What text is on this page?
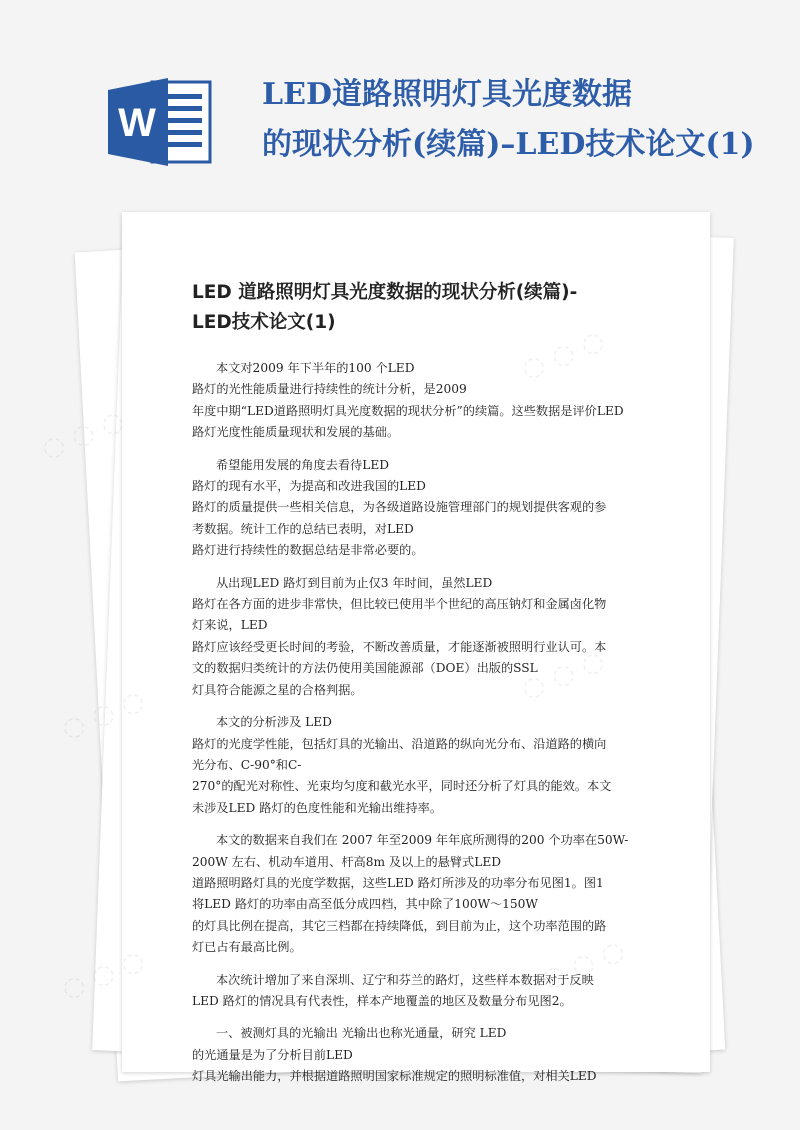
W
LED道路照明灯具光度数据
的现状分析(续篇)–LED技术论文(1)
LED 道路照明灯具光度数据的现状分析(续篇)-
LED技术论文(1)
本文对2009 年下半年的100 个LED
路灯的光性能质量进行持续性的统计分析，是2009
年度中期“LED道路照明灯具光度数据的现状分析”的续篇。这些数据是评价LED
路灯光度性能质量现状和发展的基础。
希望能用发展的角度去看待LED
路灯的现有水平，为提高和改进我国的LED
路灯的质量提供一些相关信息，为各级道路设施管理部门的规划提供客观的参
考数据。统计工作的总结已表明，对LED
路灯进行持续性的数据总结是非常必要的。
从出现LED 路灯到目前为止仅3 年时间，虽然LED
路灯在各方面的进步非常快，但比较已使用半个世纪的高压钠灯和金属卤化物
灯来说，LED
路灯应该经受更长时间的考验，不断改善质量，才能逐渐被照明行业认可。本
文的数据归类统计的方法仍使用美国能源部（DOE）出版的SSL
灯具符合能源之星的合格判据。
本文的分析涉及 LED
路灯的光度学性能，包括灯具的光输出、沿道路的纵向光分布、沿道路的横向
光分布、C-90°和C-
270°的配光对称性、光束均匀度和截光水平，同时还分析了灯具的能效。本文
未涉及LED 路灯的色度性能和光输出维持率。
本文的数据来自我们在 2007 年至2009 年年底所测得的200 个功率在50W-
200W 左右、机动车道用、杆高8m 及以上的悬臂式LED
道路照明路灯具的光度学数据，这些LED 路灯所涉及的功率分布见图1。图1
将LED 路灯的功率由高至低分成四档，其中除了100W～150W
的灯具比例在提高，其它三档都在持续降低，到目前为止，这个功率范围的路
灯已占有最高比例。
本次统计增加了来自深圳、辽宁和芬兰的路灯，这些样本数据对于反映
LED 路灯的情况具有代表性，样本产地覆盖的地区及数量分布见图2。
一、被测灯具的光输出 光输出也称光通量，研究 LED
的光通量是为了分析目前LED
灯具光输出能力，并根据道路照明国家标准规定的照明标准值，对相关LED
◌ ◌ ◌
◌
◌
